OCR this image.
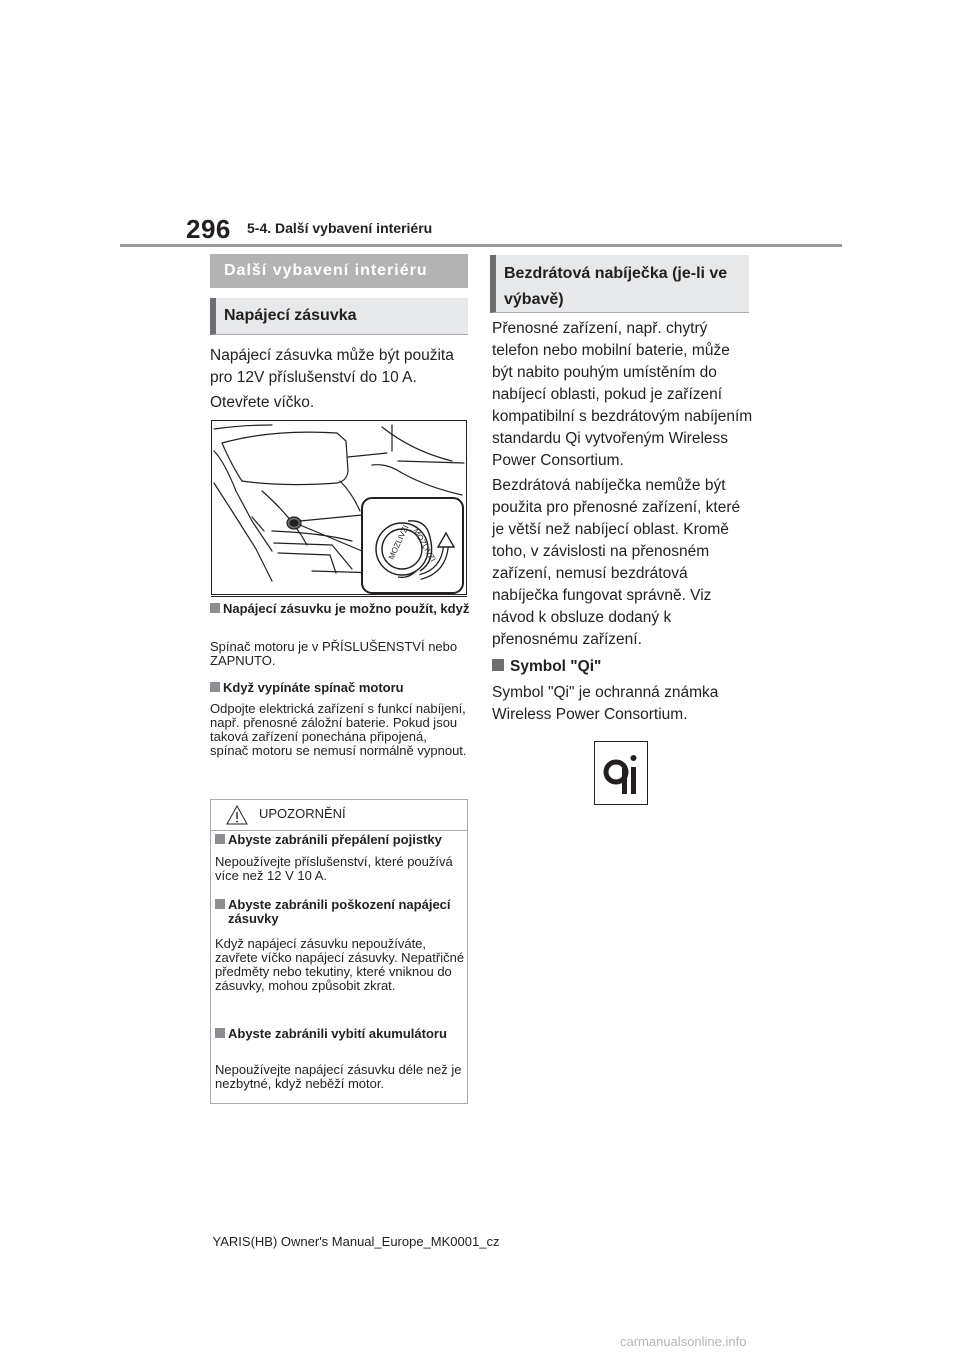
296 5-4. Další vybavení interiéru
Další vybavení interiéru
Napájecí zásuvka
Napájecí zásuvka může být použita pro 12V příslušenství do 10 A.
Otevřete víčko.
MOZLIVZI MOZLIVZI
Napájecí zásuvku je možno použít, když
Spínač motoru je v PŘÍSLUŠENSTVÍ nebo ZAPNUTO.
Když vypínáte spínač motoru
Odpojte elektrická zařízení s funkcí nabíjení, např. přenosné záložní baterie. Pokud jsou taková zařízení ponechána připojená, spínač motoru se nemusí normálně vypnout.
UPOZORNĚNÍ
Abyste zabránili přepálení pojistky
Nepoužívejte příslušenství, které používá více než 12 V 10 A.
Abyste zabránili poškození napájecí zásuvky
Když napájecí zásuvku nepoužíváte, zavřete víčko napájecí zásuvky. Nepatřičné předměty nebo tekutiny, které vniknou do zásuvky, mohou způsobit zkrat.
Abyste zabránili vybití akumulátoru
Nepoužívejte napájecí zásuvku déle než je nezbytné, když neběží motor.
Bezdrátová nabíječka (je-li ve výbavě)
Přenosné zařízení, např. chytrý telefon nebo mobilní baterie, může být nabito pouhým umístěním do nabíjecí oblasti, pokud je zařízení kompatibilní s bezdrátovým nabíjením standardu Qi vytvořeným Wireless Power Consortium.
Bezdrátová nabíječka nemůže být použita pro přenosné zařízení, které je větší než nabíjecí oblast. Kromě toho, v závislosti na přenosném zařízení, nemusí bezdrátová nabíječka fungovat správně. Viz návod k obsluze dodaný k přenosnému zařízení.
Symbol "Qi"
Symbol "Qi" je ochranná známka Wireless Power Consortium.
YARIS(HB) Owner's Manual_Europe_MK0001_cz
carmanualsonline.info
